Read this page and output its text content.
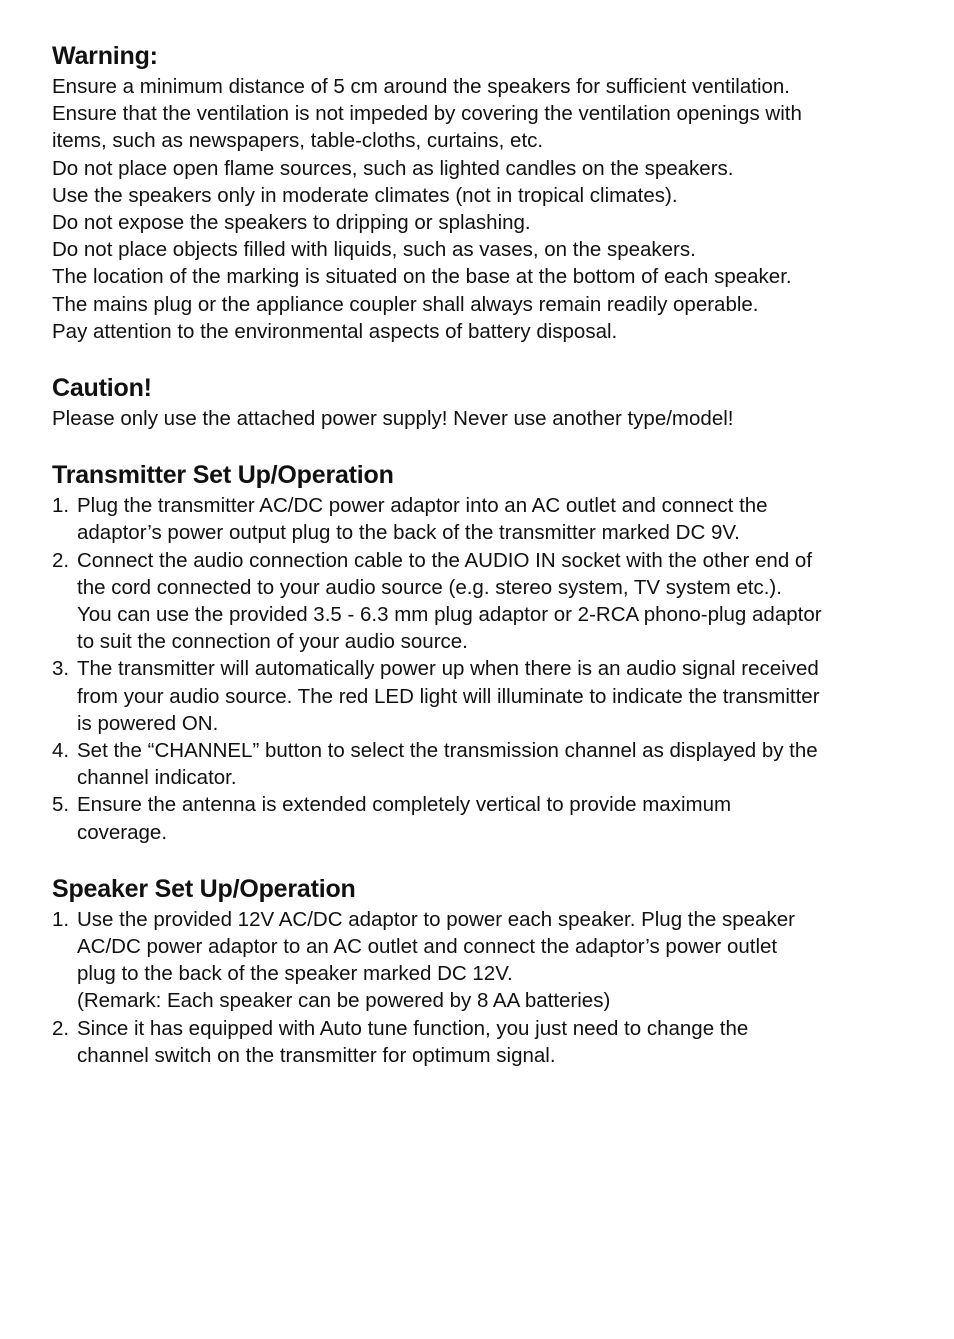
Warning:

Ensure a minimum distance of 5 cm around the speakers for sufficient ventilation.

Ensure that the ventilation is not impeded by covering the ventilation openings with

items, such as newspapers, table-cloths, curtains, etc.

Do not place open flame sources, such as lighted candles on the speakers.

Use the speakers only in moderate climates (not in tropical climates).

Do not expose the speakers to dripping or splashing.

Do not place objects filled with liquids, such as vases, on the speakers.

The location of the marking is situated on the base at the bottom of each speaker.

The mains plug or the appliance coupler shall always remain readily operable.

Pay attention to the environmental aspects of battery disposal.

Caution!

Please only use the attached power supply! Never use another type/model!

Transmitter Set Up/Operation
1. Plug the transmitter AC/DC power adaptor into an AC outlet and connect the
adaptor’s power output plug to the back of the transmitter marked DC 9V.
2. Connect the audio connection cable to the AUDIO IN socket with the other end of
the cord connected to your audio source (e.g. stereo system, TV system etc.).
You can use the provided 3.5 - 6.3 mm plug adaptor or 2-RCA phono-plug adaptor
to suit the connection of your audio source.
3. The transmitter will automatically power up when there is an audio signal received
from your audio source. The red LED light will illuminate to indicate the transmitter
is powered ON.
4. Set the “CHANNEL” button to select the transmission channel as displayed by the
channel indicator.
5. Ensure the antenna is extended completely vertical to provide maximum
coverage.
Speaker Set Up/Operation
1. Use the provided 12V AC/DC adaptor to power each speaker. Plug the speaker
AC/DC power adaptor to an AC outlet and connect the adaptor’s power outlet
plug to the back of the speaker marked DC 12V.
(Remark: Each speaker can be powered by 8 AA batteries)
2. Since it has equipped with Auto tune function, you just need to change the
channel switch on the transmitter for optimum signal.
